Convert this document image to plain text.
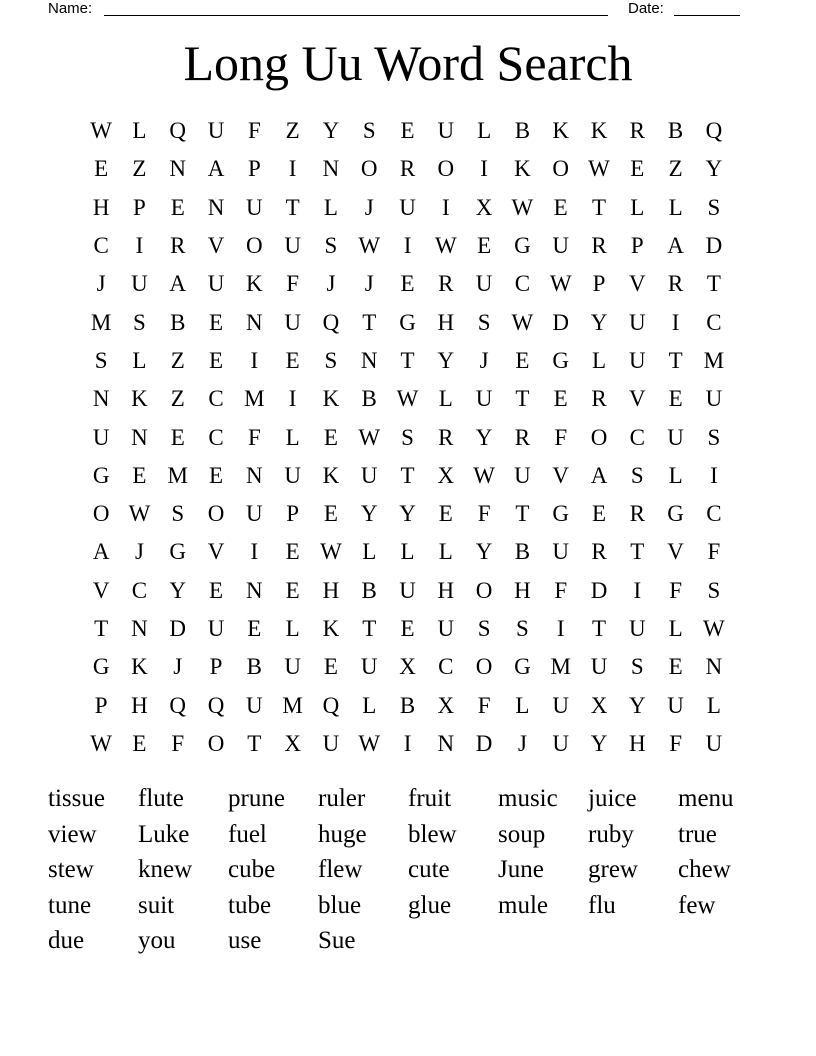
Name:	Date:
Long Uu Word Search
W L Q U	F	Z Y	S	E U L	B K K R B Q
E	Z N A	P	I	N O R O	I	K O W E	Z Y
H	P	E N U T	L	J	U	I	X W E	T	L	L	S
C	I	R V O U	S W	I	W E G U R	P	A D
J	U A U K	F	J	J	E	R U C W P	V R	T
M S	B	E N U Q T G H	S W D Y U	I	C
S	L	Z	E	I	E	S	N T Y	J	E G L U T M
N K Z	C M	I	K B W L U T	E	R V E U
U N E	C	F	L	E W S	R Y R	F	O C U	S
G E M E N U K U T X W U V A	S	L	I
O W S	O U	P	E Y Y E	F	T G E	R G C
A	J	G V	I	E W L	L	L Y B U R	T V	F
V C Y E N E H B U H O H	F	D	I	F	S
T N D U E	L K T	E U	S	S	I	T U L W
G K	J	P	B U E U X C O G M U	S	E N
P	H Q Q U M Q L	B X	F	L U X Y U L
W E	F	O T X U W	I	N D	J	U Y H	F	U
tissue	flute	prune	ruler	fruit	music	juice	menu
view	Luke	fuel	huge	blew	soup	ruby	true
stew	knew	cube	flew	cute	June	grew	chew
tune	suit	tube	blue	glue	mule	flu	few
due	you	use	Sue
